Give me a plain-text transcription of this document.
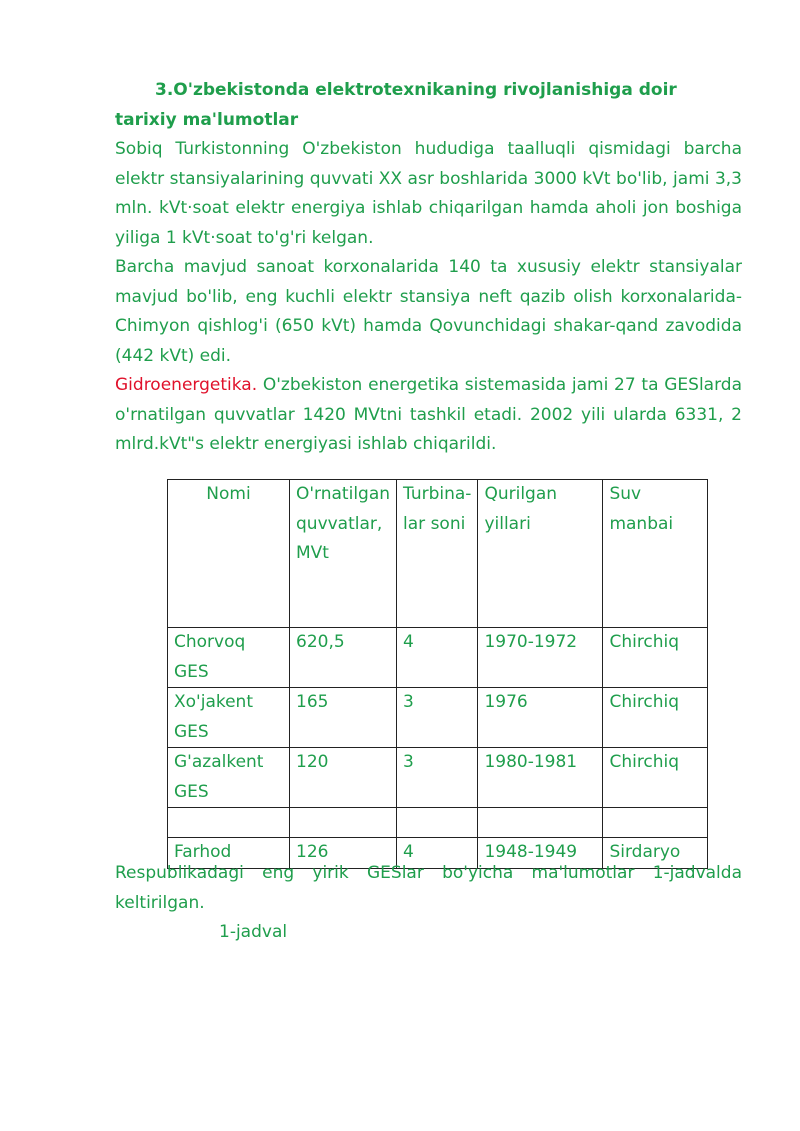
3.O'zbekistonda elektrotexnikaning rivojlanishiga doir tarixiy ma'lumotlar

Sobiq Turkistonning O'zbekiston hududiga taalluqli qismidagi barcha elektr stansiyalarining quvvati XX asr boshlarida 3000 kVt bo'lib, jami 3,3 mln. kVt·soat elektr energiya ishlab chiqarilgan hamda aholi jon boshiga yiliga 1 kVt·soat to'g'ri kelgan.

Barcha mavjud sanoat korxonalarida 140 ta xususiy elektr stansiyalar mavjud bo'lib, eng kuchli elektr stansiya neft qazib olish korxonalarida-Chimyon qishlog'i (650 kVt) hamda Qovunchidagi shakar-qand zavodida (442 kVt) edi.

Gidroenergetika. O'zbekiston energetika sistemasida jami 27 ta GESlarda o'rnatilgan quvvatlar 1420 MVtni tashkil etadi. 2002 yili ularda 6331, 2 mlrd.kVt"s elektr energiyasi ishlab chiqarildi.

Nomi	O'rnatilgan quvvatlar, MVt	Turbina-lar soni	Qurilgan yillari	Suv manbai
Chorvoq GES	620,5	4	1970-1972	Chirchiq
Xo'jakent GES	165	3	1976	Chirchiq
G'azalkent GES	120	3	1980-1981	Chirchiq

Farhod	126	4	1948-1949	Sirdaryo

Respublikadagi eng yirik GESlar bo'yicha ma'lumotlar 1-jadvalda keltirilgan.

1-jadval
